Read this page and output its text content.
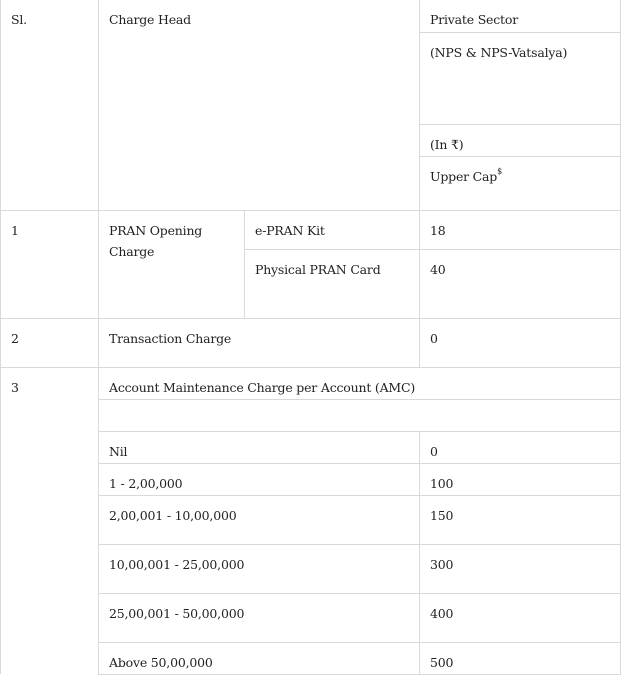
Sl.	Charge Head		Private Sector
			(NPS & NPS-Vatsalya)
			(In ₹)
			Upper Cap$
1	PRAN Opening Charge	e-PRAN Kit	18
		Physical PRAN Card	40
2	Transaction Charge		0
3	Account Maintenance Charge per Account (AMC)		

	Nil		0
	1 - 2,00,000		100
	2,00,001 - 10,00,000		150
	10,00,001 - 25,00,000		300
	25,00,001 - 50,00,000		400
	Above 50,00,000		500
